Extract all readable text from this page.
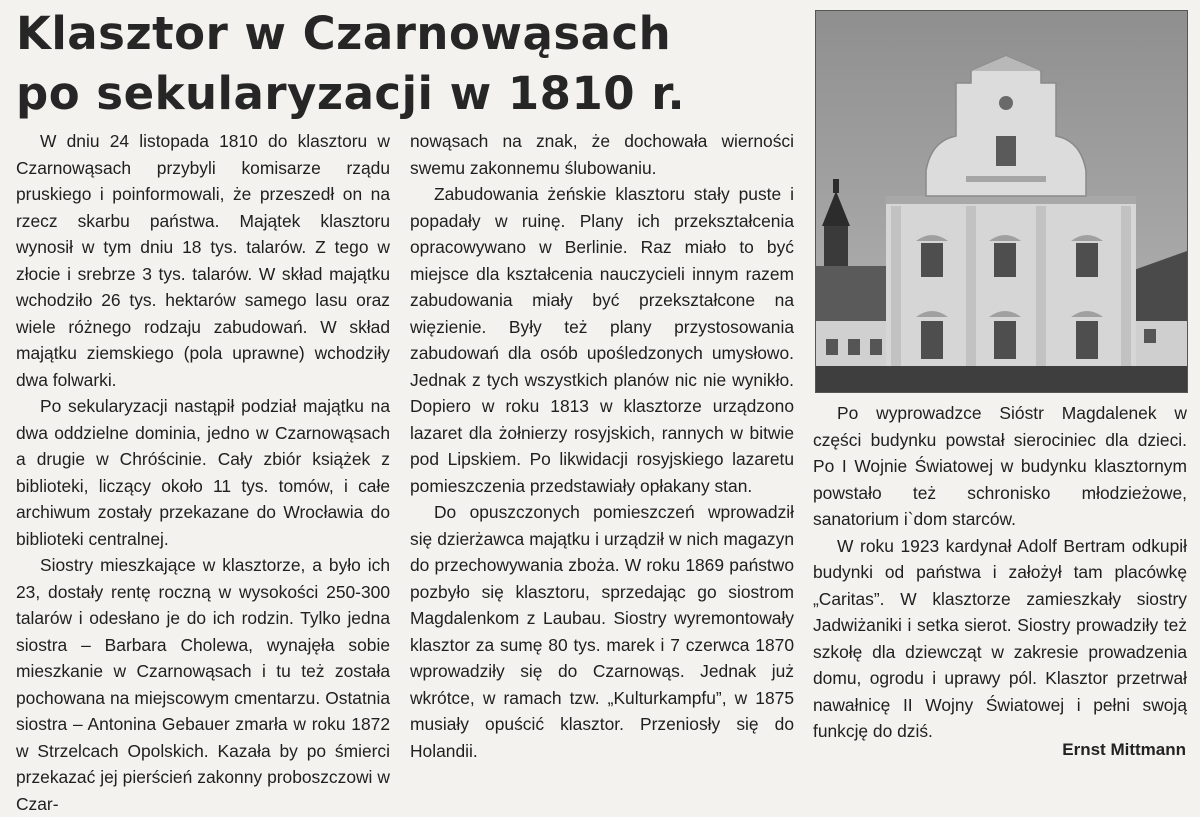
Klasztor w Czarnowąsach
po sekularyzacji w 1810 r.

W dniu 24 listopada 1810 do klasztoru w Czarnowąsach przybyli komisarze rządu pruskiego i poinformowali, że przeszedł on na rzecz skarbu państwa. Majątek klasztoru wynosił w tym dniu 18 tys. talarów. Z tego w złocie i srebrze 3 tys. talarów. W skład majątku wchodziło 26 tys. hektarów samego lasu oraz wiele różnego rodzaju zabudowań. W skład majątku ziemskiego (pola uprawne) wchodziły dwa folwarki.

Po sekularyzacji nastąpił podział majątku na dwa oddzielne dominia, jedno w Czarnowąsach a drugie w Chróścinie. Cały zbiór książek z biblioteki, liczący około 11 tys. tomów, i całe archiwum zostały przekazane do Wrocławia do biblioteki centralnej.

Siostry mieszkające w klasztorze, a było ich 23, dostały rentę roczną w wysokości 250-300 talarów i odesłano je do ich rodzin. Tylko jedna siostra – Barbara Cholewa, wynajęła sobie mieszkanie w Czarnowąsach i tu też została pochowana na miejscowym cmentarzu. Ostatnia siostra – Antonina Gebauer zmarła w roku 1872 w Strzelcach Opolskich. Kazała by po śmierci przekazać jej pierścień zakonny proboszczowi w Czar-

nowąsach na znak, że dochowała wierności swemu zakonnemu ślubowaniu.

Zabudowania żeńskie klasztoru stały puste i popadały w ruinę. Plany ich przekształcenia opracowywano w Berlinie. Raz miało to być miejsce dla kształcenia nauczycieli innym razem zabudowania miały być przekształcone na więzienie. Były też plany przystosowania zabudowań dla osób upośledzonych umysłowo. Jednak z tych wszystkich planów nic nie wynikło. Dopiero w roku 1813 w klasztorze urządzono lazaret dla żołnierzy rosyjskich, rannych w bitwie pod Lipskiem. Po likwidacji rosyjskiego lazaretu pomieszczenia przedstawiały opłakany stan.

Do opuszczonych pomieszczeń wprowadził się dzierżawca majątku i urządził w nich magazyn do przechowywania zboża. W roku 1869 państwo pozbyło się klasztoru, sprzedając go siostrom Magdalenkom z Laubau. Siostry wyremontowały klasztor za sumę 80 tys. marek i 7 czerwca 1870 wprowadziły się do Czarnowąs. Jednak już wkrótce, w ramach tzw. „Kulturkampfu”, w 1875 musiały opuścić klasztor. Przeniosły się do Holandii.

Po wyprowadzce Sióstr Magdalenek w części budynku powstał sierociniec dla dzieci. Po I Wojnie Światowej w budynku klasztornym powstało też schronisko młodzieżowe, sanatorium i`dom starców.

W roku 1923 kardynał Adolf Bertram odkupił budynki od państwa i założył tam placówkę „Caritas”. W klasztorze zamieszkały siostry Jadwiżaniki i setka sierot. Siostry prowadziły też szkołę dla dziewcząt w zakresie prowadzenia domu, ogrodu i uprawy pól. Klasztor przetrwał nawałnicę II Wojny Światowej i pełni swoją funkcję do dziś.

Ernst Mittmann
